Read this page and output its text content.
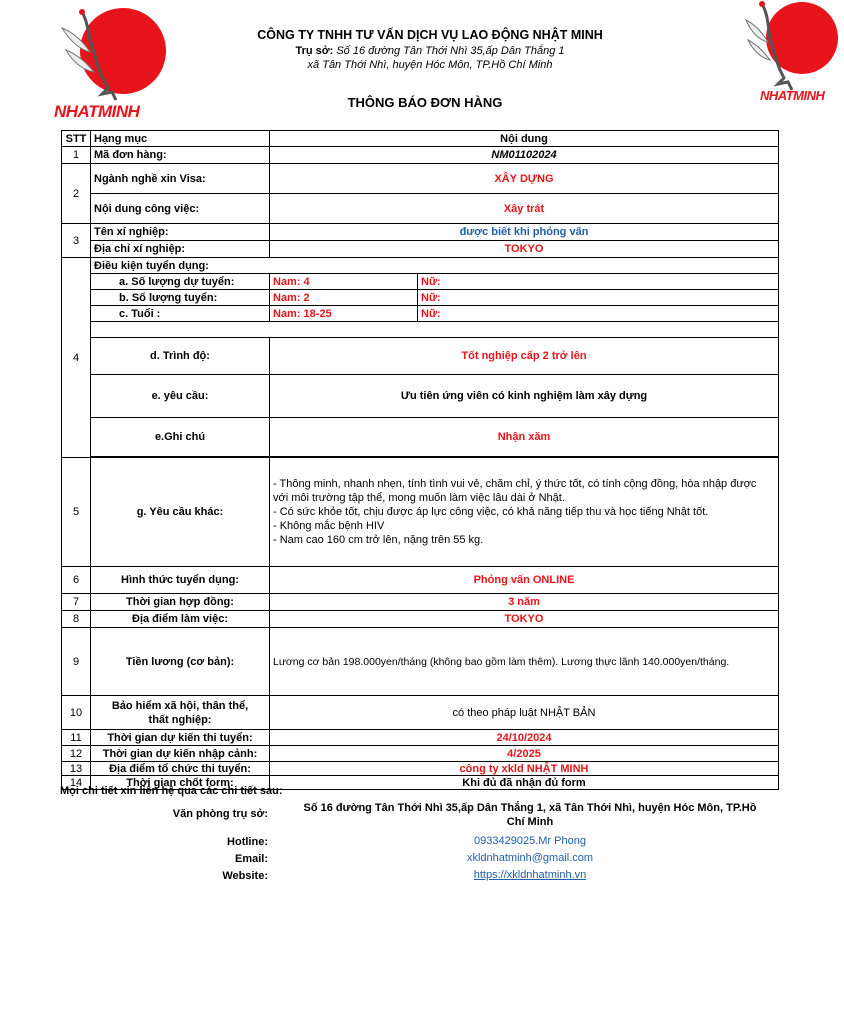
NHATMINH
NHATMINH
CÔNG TY TNHH TƯ VẤN DỊCH VỤ LAO ĐỘNG NHẬT MINH
Trụ sở: Số 16 đường Tân Thới Nhì 35,ấp Dân Thắng 1
xã Tân Thới Nhì, huyện Hóc Môn, TP.Hồ Chí Minh
THÔNG BÁO ĐƠN HÀNG
STT	Hạng mục	Nội dung	
1	Mã đơn hàng:	NM01102024	
2	Ngành nghề xin Visa:	XÂY DỰNG	
	Nội dung công việc:	Xây trát	
3	Tên xí nghiệp:	được biết khi phỏng vấn	
	Địa chỉ xí nghiệp:	TOKYO	
4	Điều kiện tuyển dụng:		
	a. Số lượng dự tuyển:	Nam: 4	Nữ:
	b. Số lượng tuyển:	Nam: 2	Nữ:
	c. Tuổi :	Nam: 18-25	Nữ:

	d. Trình độ:	Tốt nghiệp cấp 2 trở lên	
	e. yêu cầu:	Ưu tiên ứng viên có kinh nghiệm làm xây dựng	
	e.Ghi chú	Nhận xăm	

5	g. Yêu cầu khác:	- Thông minh, nhanh nhẹn, tính tình vui vẻ, chăm chỉ, ý thức tốt, có tính cộng đồng, hòa nhập được
với môi trường tập thể, mong muốn làm việc lâu dài ở Nhật.
- Có sức khỏe tốt, chịu được áp lực công việc, có khả năng tiếp thu và học tiếng Nhật tốt.
- Không mắc bệnh HIV
- Nam cao 160 cm trở lên, nặng trên 55 kg.	

6	Hình thức tuyển dụng:	Phỏng vấn ONLINE	
7	Thời gian hợp đồng:	3 năm	
8	Địa điểm làm việc:	TOKYO	
9	Tiền lương (cơ bản):	Lương cơ bản 198.000yen/tháng (không bao gồm làm thêm). Lương thực lãnh 140.000yen/tháng.	
10	Bảo hiểm xã hội, thân thể,
thất nghiệp:	có theo pháp luật NHẬT BẢN	
11	Thời gian dự kiến thi tuyển:	24/10/2024	
12	Thời gian dự kiến nhập cảnh:	4/2025	
13	Địa điểm tổ chức thi tuyển:	công ty xkld NHẬT MINH	
14	Thời gian chốt form:	Khi đủ đã nhận đủ form	
Mọi chi tiết xin liên hệ qua các chi tiết sau:
Văn phòng trụ sở:	Số 16 đường Tân Thới Nhì 35,ấp Dân Thắng 1, xã Tân Thới Nhì, huyện Hóc Môn, TP.Hồ
Chí Minh
Hotline:	0933429025.Mr Phong
Email:	xkldnhatminh@gmail.com
Website:	https://xkldnhatminh.vn
